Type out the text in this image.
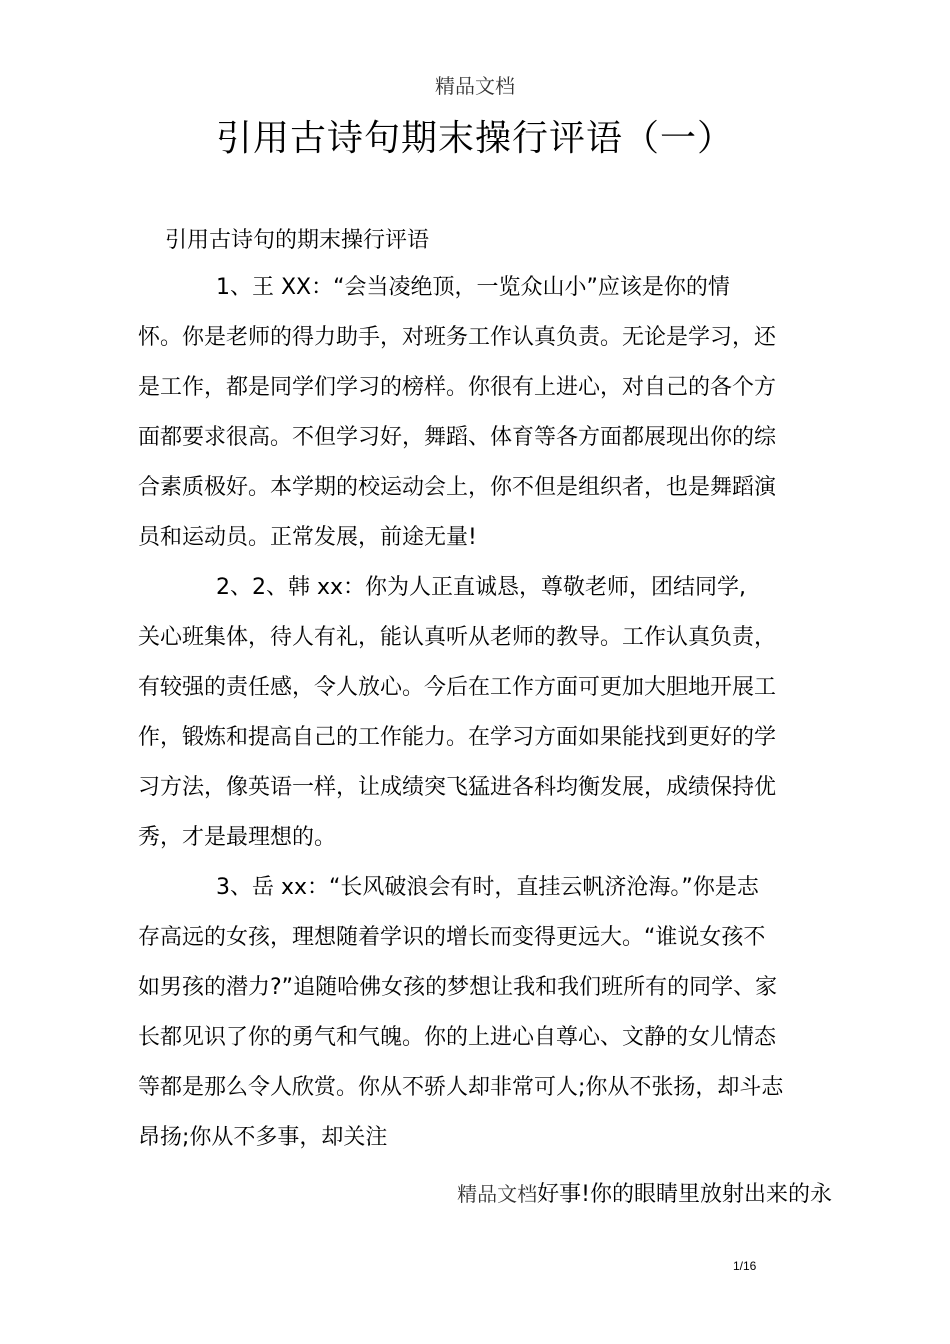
精品文档
引用古诗句期末操行评语（一）
引用古诗句的期末操行评语
1、王 XX：“会当凌绝顶，一览众山小”应该是你的情
怀。你是老师的得力助手，对班务工作认真负责。无论是学习，还
是工作，都是同学们学习的榜样。你很有上进心，对自己的各个方
面都要求很高。不但学习好，舞蹈、体育等各方面都展现出你的综
合素质极好。本学期的校运动会上，你不但是组织者，也是舞蹈演
员和运动员。正常发展，前途无量!
2、2、韩 xx：你为人正直诚恳，尊敬老师，团结同学,
关心班集体，待人有礼，能认真听从老师的教导。工作认真负责，
有较强的责任感，令人放心。今后在工作方面可更加大胆地开展工
作，锻炼和提高自己的工作能力。在学习方面如果能找到更好的学
习方法，像英语一样，让成绩突飞猛进各科均衡发展，成绩保持优
秀，才是最理想的。
3、岳 xx：“长风破浪会有时，直挂云帆济沧海。”你是志
存高远的女孩，理想随着学识的增长而变得更远大。“谁说女孩不
如男孩的潜力?”追随哈佛女孩的梦想让我和我们班所有的同学、家
长都见识了你的勇气和气魄。你的上进心自尊心、文静的女儿情态
等都是那么令人欣赏。你从不骄人却非常可人;你从不张扬，却斗志
昂扬;你从不多事，却关注
精品文档好事!你的眼睛里放射出来的永
1/16
